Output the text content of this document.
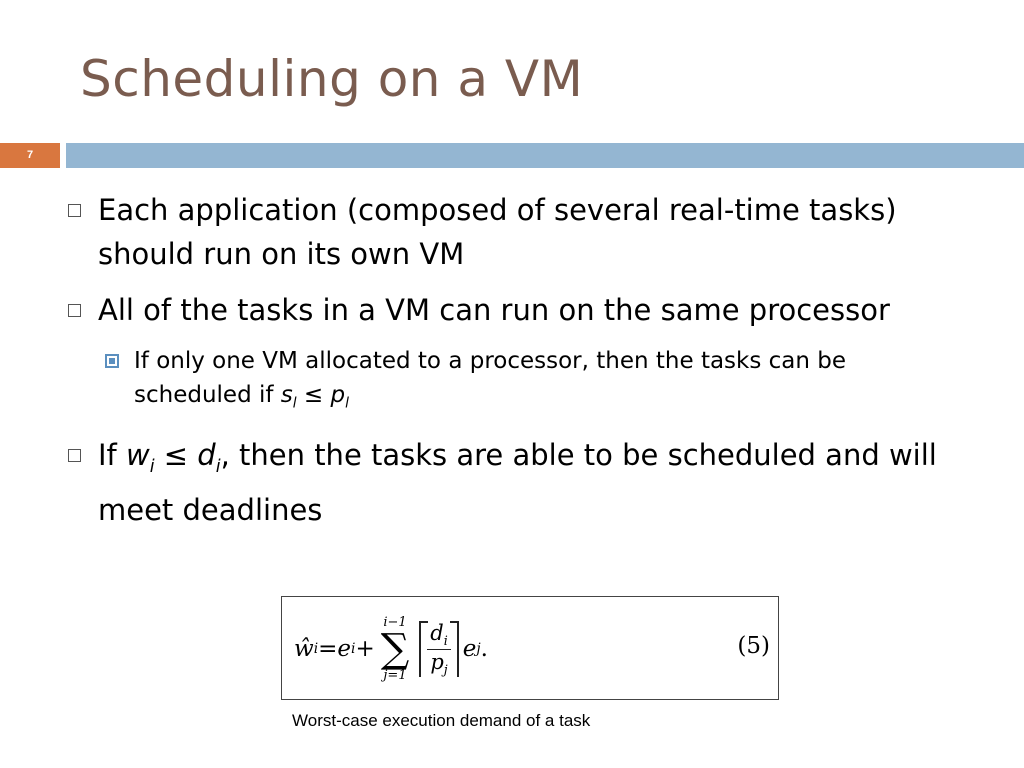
Scheduling on a VM
7
Each application (composed of several real-time tasks) should run on its own VM
All of the tasks in a VM can run on the same processor
If only one VM allocated to a processor, then the tasks can be scheduled if $s_l \le p_l$
If $w_i \le d_i$, then the tasks are able to be scheduled and will meet deadlines
ŵ i = e i +
i−1
∑
$j=1 \frac{d_i}{p_j}$ e j .	(5)
Worst-case execution demand of a task
